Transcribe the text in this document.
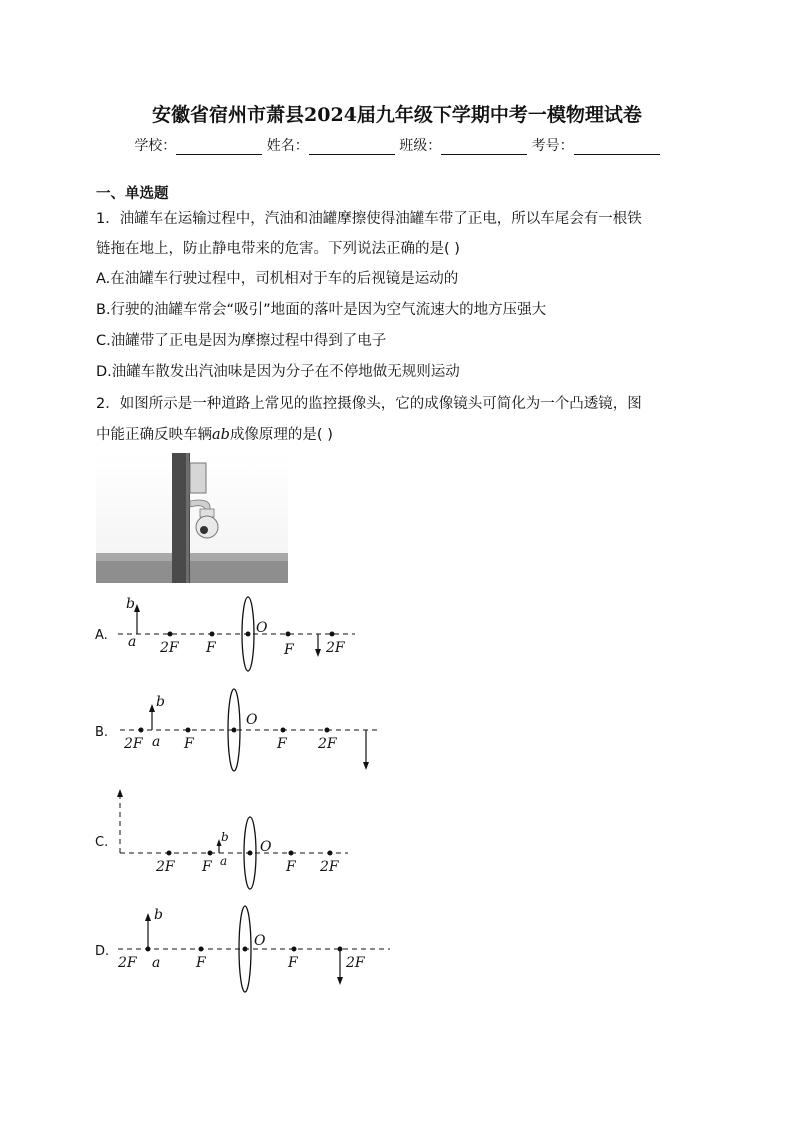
安徽省宿州市萧县2024届九年级下学期中考一模物理试卷
学校：	姓名：	班级：	考号：
一、单选题
1．油罐车在运输过程中，汽油和油罐摩擦使得油罐车带了正电，所以车尾会有一根铁
链拖在地上，防止静电带来的危害。下列说法正确的是( )
A.在油罐车行驶过程中，司机相对于车的后视镜是运动的
B.行驶的油罐车常会“吸引”地面的落叶是因为空气流速大的地方压强大
C.油罐带了正电是因为摩擦过程中得到了电子
D.油罐车散发出汽油味是因为分子在不停地做无规则运动
2．如图所示是一种道路上常见的监控摄像头，它的成像镜头可简化为一个凸透镜，图
中能正确反映车辆ab成像原理的是( )
A.
b
a 2F F
O
F 2F
B.
b
a
2F	F
O
F 2F
C.	b
a
2F F
O
F 2F
D.
b
a
2F	F
O
F	2F
